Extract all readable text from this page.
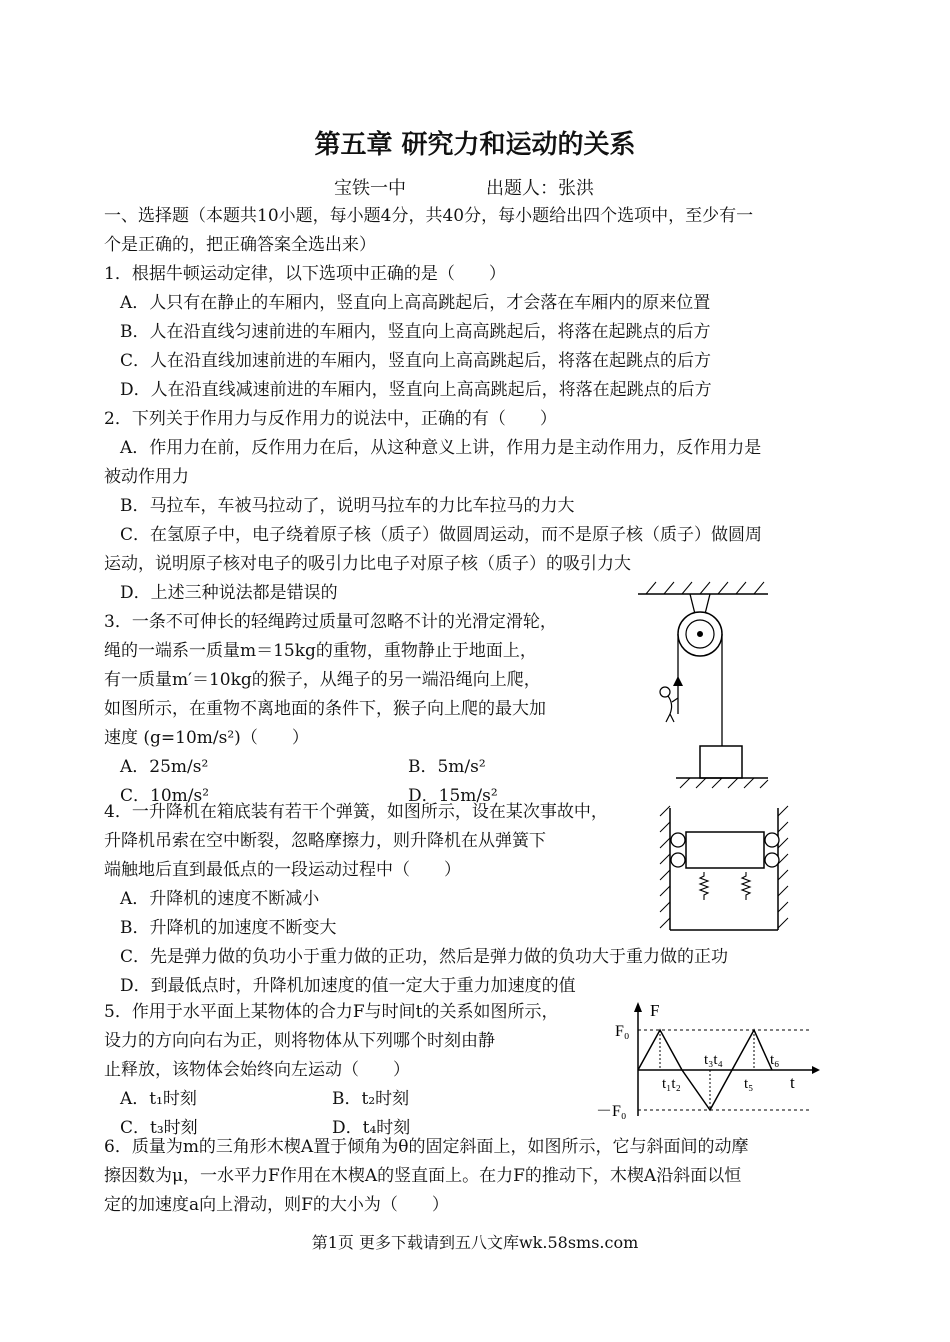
第五章 研究力和运动的关系
宝铁一中	出题人：张洪
一、选择题（本题共10小题，每小题4分，共40分，每小题给出四个选项中，至少有一
个是正确的，把正确答案全选出来）
1．根据牛顿运动定律，以下选项中正确的是（　　）
A．人只有在静止的车厢内，竖直向上高高跳起后，才会落在车厢内的原来位置
B．人在沿直线匀速前进的车厢内，竖直向上高高跳起后，将落在起跳点的后方
C．人在沿直线加速前进的车厢内，竖直向上高高跳起后，将落在起跳点的后方
D．人在沿直线减速前进的车厢内，竖直向上高高跳起后，将落在起跳点的后方
2．下列关于作用力与反作用力的说法中，正确的有（　　）
A．作用力在前，反作用力在后，从这种意义上讲，作用力是主动作用力，反作用力是
被动作用力
B．马拉车，车被马拉动了，说明马拉车的力比车拉马的力大
C．在氢原子中，电子绕着原子核（质子）做圆周运动，而不是原子核（质子）做圆周
运动，说明原子核对电子的吸引力比电子对原子核（质子）的吸引力大
D．上述三种说法都是错误的
3．一条不可伸长的轻绳跨过质量可忽略不计的光滑定滑轮，
绳的一端系一质量m＝15kg的重物，重物静止于地面上，
有一质量m′＝10kg的猴子，从绳子的另一端沿绳向上爬，
如图所示，在重物不离地面的条件下，猴子向上爬的最大加
速度 (g=10m/s²)（　　）
A．25m/s²	B．5m/s²
C．10m/s²	D．15m/s²
4．一升降机在箱底装有若干个弹簧，如图所示，设在某次事故中，
升降机吊索在空中断裂，忽略摩擦力，则升降机在从弹簧下
端触地后直到最低点的一段运动过程中（　　）
A．升降机的速度不断减小
B．升降机的加速度不断变大
C．先是弹力做的负功小于重力做的正功，然后是弹力做的负功大于重力做的正功
D．到最低点时，升降机加速度的值一定大于重力加速度的值
5．作用于水平面上某物体的合力F与时间t的关系如图所示，
设力的方向向右为正，则将物体从下列哪个时刻由静
止释放，该物体会始终向左运动（　　）
A．t₁时刻	B．t₂时刻
C．t₃时刻	D．t₄时刻
F
F₀
－F₀
t
t₁t₂
t₃t₄
t₅
t₆
6．质量为m的三角形木楔A置于倾角为θ的固定斜面上，如图所示，它与斜面间的动摩
擦因数为μ，一水平力F作用在木楔A的竖直面上。在力F的推动下，木楔A沿斜面以恒
定的加速度a向上滑动，则F的大小为（　　）
第1页 更多下载请到五八文库wk.58sms.com
